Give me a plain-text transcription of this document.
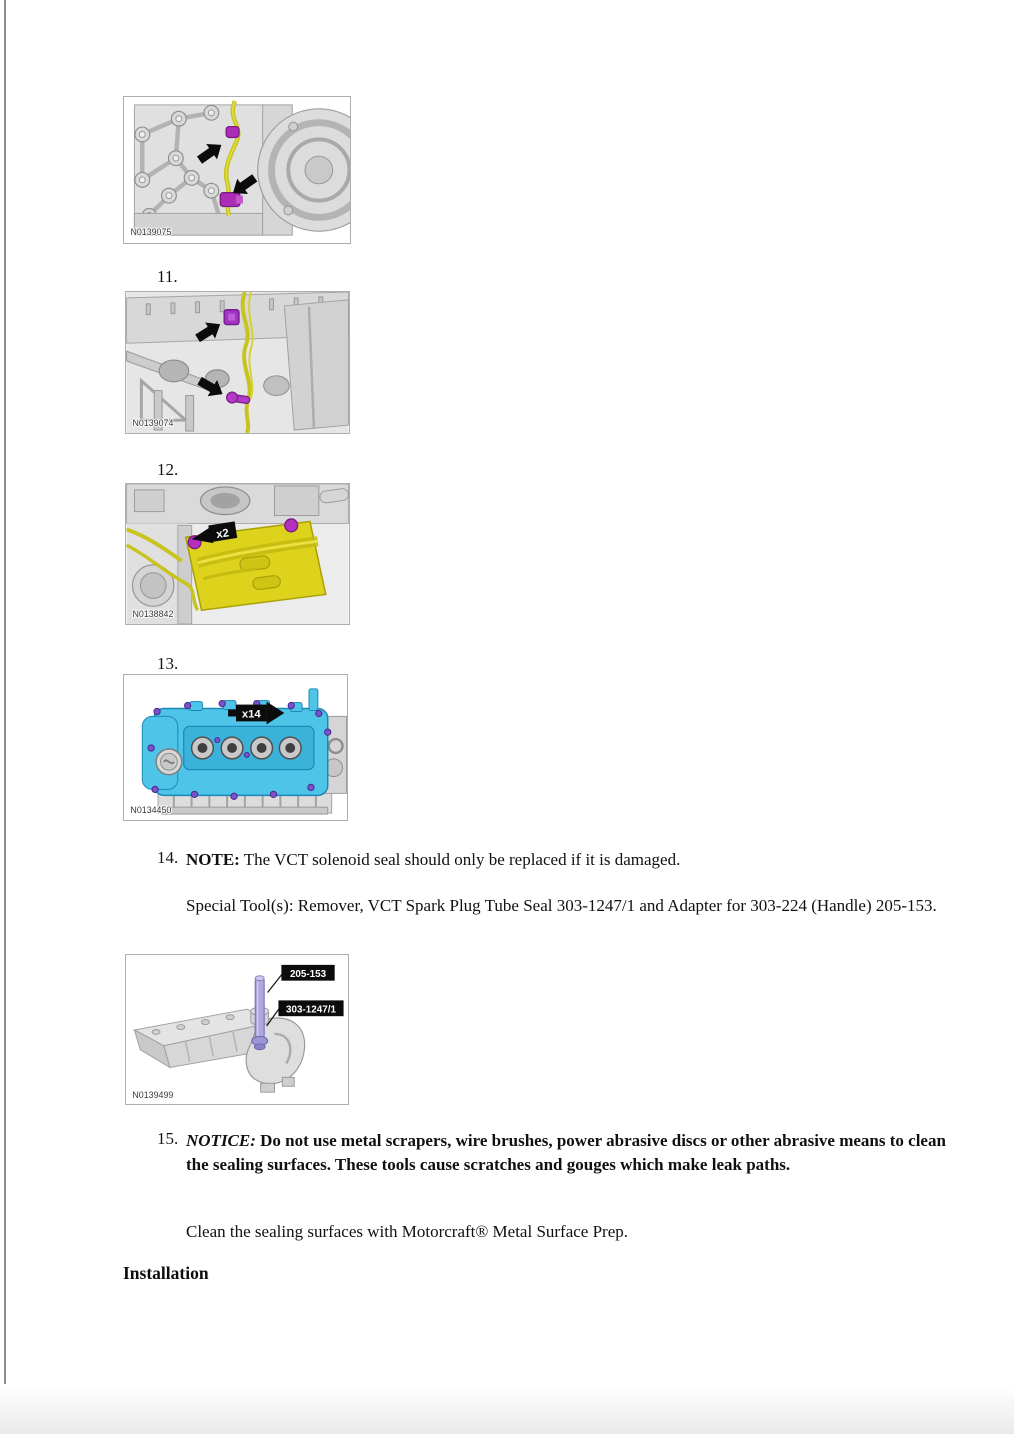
N0139075
11.
N0139074
12.
x2
N0138842
13.
x14
N0134450
14. NOTE: The VCT solenoid seal should only be replaced if it is damaged.
Special Tool(s): Remover, VCT Spark Plug Tube Seal 303-1247/1 and Adapter for 303-224 (Handle) 205-153.
205-153
303-1247/1
N0139499
15. NOTICE: Do not use metal scrapers, wire brushes, power abrasive discs or other abrasive means to clean the sealing surfaces. These tools cause scratches and gouges which make leak paths.
Clean the sealing surfaces with Motorcraft® Metal Surface Prep.
Installation
